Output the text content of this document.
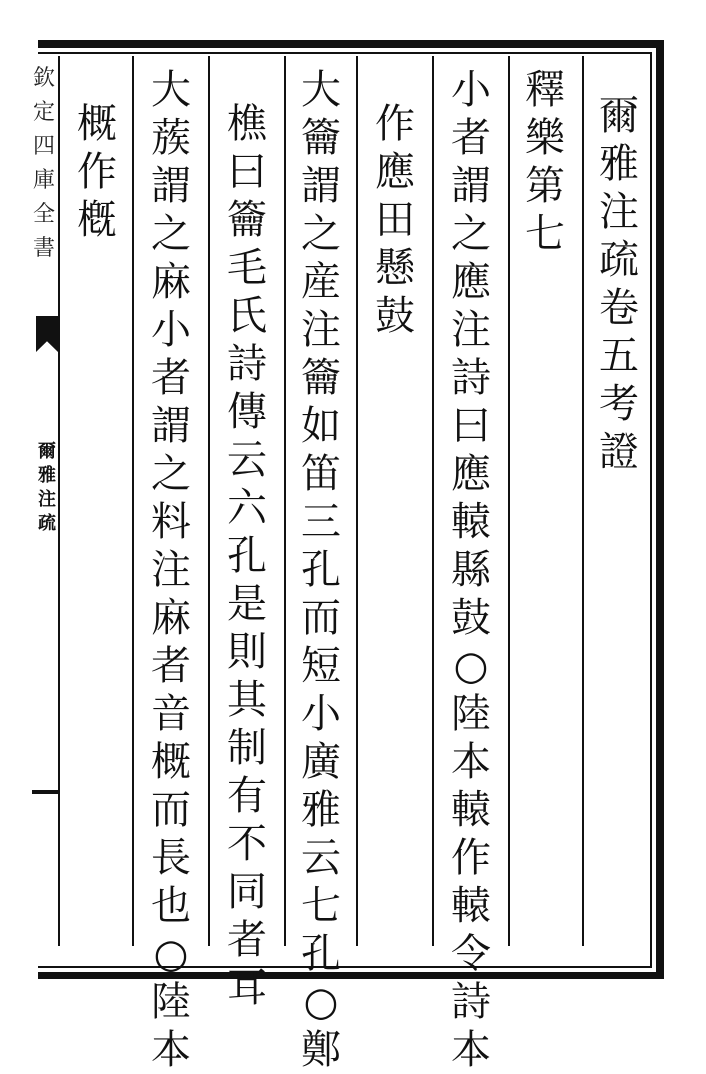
爾
雅
注
疏
卷
五
考
證
釋
樂
第
七
小
者
謂
之
應
注
詩
曰
應
轅
縣
鼓
○
陸
本
轅
作
轅
令
詩
本
作
應
田
懸
鼓
大
籥
謂
之
産
注
籥
如
笛
三
孔
而
短
小
廣
雅
云
七
孔
○
鄭
樵
曰
籥
毛
氏
詩
傳
云
六
孔
是
則
其
制
有
不
同
者
耳
大
蔟
謂
之
麻
小
者
謂
之
料
注
麻
者
音
概
而
長
也
○
陸
本
概
作
槪
欽
定
四
庫
全
書
爾
雅
注
疏
